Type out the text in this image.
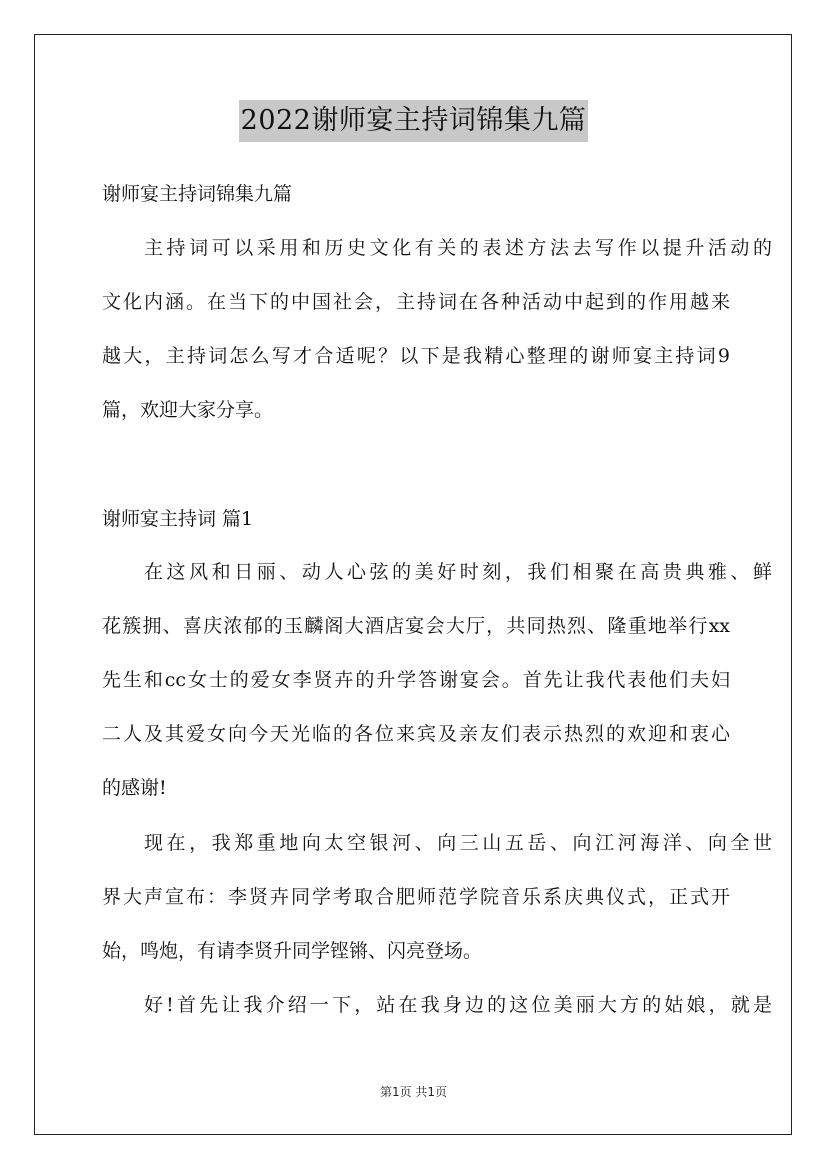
2022谢师宴主持词锦集九篇
谢师宴主持词锦集九篇
主持词可以采用和历史文化有关的表述方法去写作以提升活动的
文化内涵。在当下的中国社会，主持词在各种活动中起到的作用越来
越大，主持词怎么写才合适呢？以下是我精心整理的谢师宴主持词9
篇，欢迎大家分享。
谢师宴主持词 篇1
在这风和日丽、动人心弦的美好时刻，我们相聚在高贵典雅、鲜
花簇拥、喜庆浓郁的玉麟阁大酒店宴会大厅，共同热烈、隆重地举行xx
先生和cc女士的爱女李贤卉的升学答谢宴会。首先让我代表他们夫妇
二人及其爱女向今天光临的各位来宾及亲友们表示热烈的欢迎和衷心
的感谢!
现在，我郑重地向太空银河、向三山五岳、向江河海洋、向全世
界大声宣布：李贤卉同学考取合肥师范学院音乐系庆典仪式，正式开
始，鸣炮，有请李贤升同学铿锵、闪亮登场。
好!首先让我介绍一下，站在我身边的这位美丽大方的姑娘，就是
第1页 共1页
